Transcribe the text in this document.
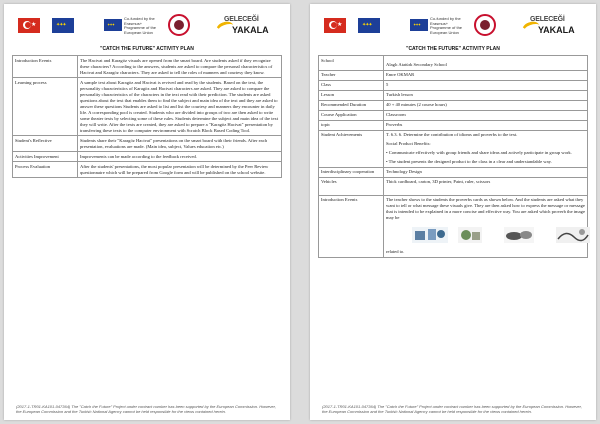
★	✦✦✦	✦✦✦
Co-funded by the Erasmus+ Programme of the European Union
GELECEĞİ
YAKALA
"CATCH THE FUTURE" ACTIVITY PLAN
Introduction Events	The Hacivat and Karagöz visuals are opened from the smart board. Are students asked if they recognize these characters? According to the answers, students are asked to compare the personal characteristics of Hacivat and Karagöz characters. They are asked to tell the roles of manners and courtesy they know.
Learning process	A sample text about Karagöz and Hacivat is revived and read by the students. Based on the text, the personality characteristics of Karagöz and Hacivat characters are asked. They are asked to compare the personality characteristics of the characters in the text read with their prediction. The students are asked questions about the text that enables them to find the subject and main idea of the text and they are asked to answer these questions Students are asked to list and list the courtesy and manners they encounter in daily life. A corresponding pool is created. Students who are divided into groups of two are then asked to write some theater texts by selecting some of these rules. Students determine the subject and main idea of the text they will write. After the texts are created, they are asked to prepare a "Karagöz Hacivat" presentation by transferring these texts to the computer environment with Scratch Block Based Coding Tool.
Student's Reflective	Students share their "Karagöz Hacivat" presentations on the smart board with their friends. After each presentation, evaluations are made. (Main idea, subject, Values education etc.)
Activities Improvement	Improvements can be made according to the feedback received.
Process Evaluation	After the students' presentations, the most popular presentation will be determined by the Peer Review questionnaire which will be prepared from Google form and will be published on the school website.
(2017-1-TR01-KA101-047364) The "Catch the Future" Project under contract number has been supported by the European Commission. However, the European Commission and the Turkish National Agency cannot be held responsible for the views contained herein.
★	✦✦✦	✦✦✦
Co-funded by the Erasmus+ Programme of the European Union
GELECEĞİ
YAKALA
"CATCH THE FUTURE" ACTIVITY PLAN
School	Alaglı Atatürk Secondary School
Teacher	Emre OKMAR
Class	5
Lesson	Turkish lesson
Recommended Duration	40 + 40 minutes (2 course hours)
Course Application	Classroom
topic	Proverbs
Student Achievements	T. 6.3. 6. Determine the contribution of idioms and proverbs to the text.

Social Product Benefits:

• Communicate effectively with group friends and share ideas and actively participate in group work.

• The student presents the designed product to the class in a clear and understandable way.

Interdisciplinary cooperation	Technology Design
Vehicles	Thick cardboard, carton, 3D printer, Paint, ruler, scissors
Introduction Events	The teacher shows to the students the proverbs cards as shown below. And the students are asked what they want to tell or what message these visuals give. They are then asked how to express the message or message that is intended to be explained in a more concise and effective way. You are asked which proverb the image may be
related to.
(2017-1-TR01-KA101-047364) The "Catch the Future" Project under contract number has been supported by the European Commission. However, the European Commission and the Turkish National Agency cannot be held responsible for the views contained herein.
